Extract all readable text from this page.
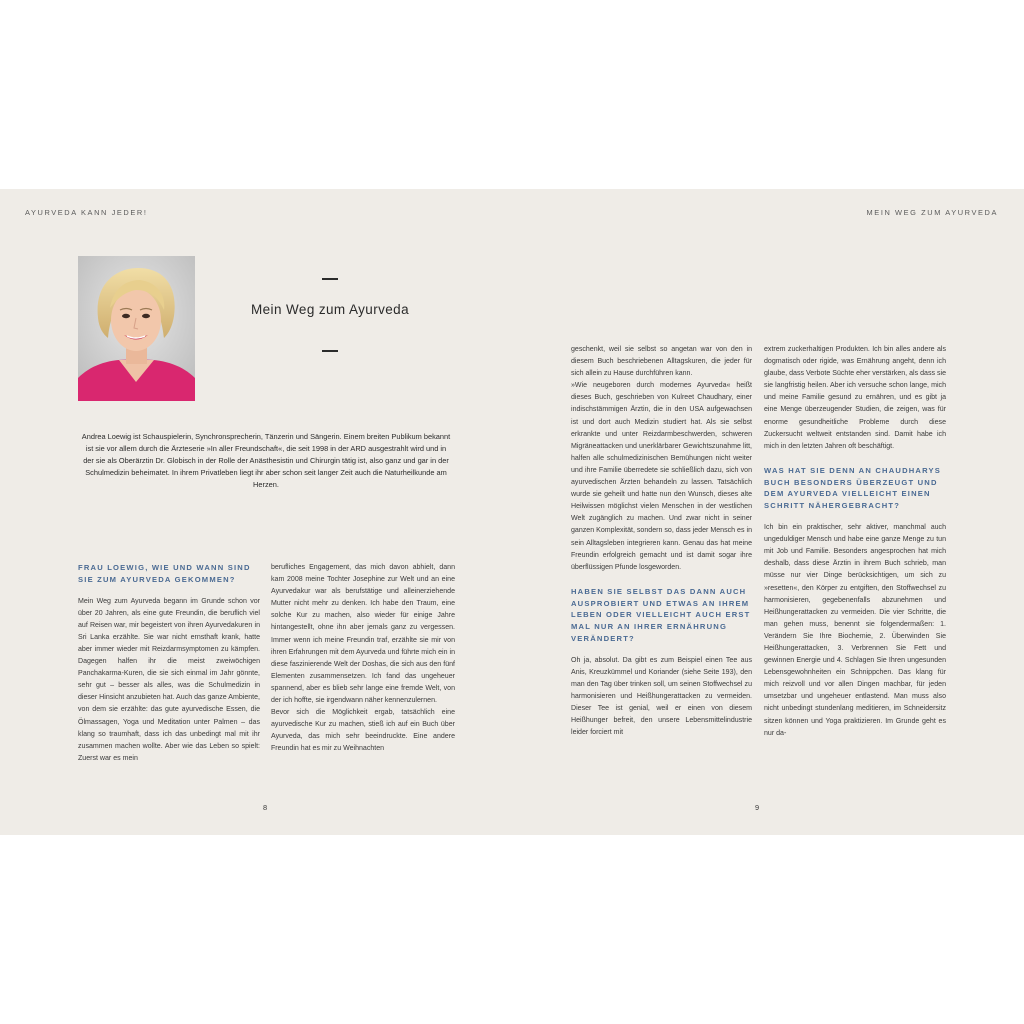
AYURVEDA KANN JEDER!	MEIN WEG ZUM AYURVEDA
Mein Weg zum Ayurveda
Andrea Loewig ist Schauspielerin, Synchronsprecherin, Tänzerin und Sängerin. Einem breiten Publikum bekannt ist sie vor allem durch die Ärzteserie »In aller Freundschaft«, die seit 1998 in der ARD ausgestrahlt wird und in der sie als Oberärztin Dr. Globisch in der Rolle der Anästhesistin und Chirurgin tätig ist, also ganz und gar in der Schulmedizin beheimatet. In ihrem Privatleben liegt ihr aber schon seit langer Zeit auch die Naturheilkunde am Herzen.
FRAU LOEWIG, WIE UND WANN SIND SIE ZUM AYURVEDA GEKOMMEN?

Mein Weg zum Ayurveda begann im Grunde schon vor über 20 Jahren, als eine gute Freundin, die beruflich viel auf Reisen war, mir begeistert von ihren Ayurvedakuren in Sri Lanka erzählte. Sie war nicht ernsthaft krank, hatte aber immer wieder mit Reizdarmsymptomen zu kämpfen. Dagegen halfen ihr die meist zweiwöchigen Panchakarma-Kuren, die sie sich einmal im Jahr gönnte, sehr gut – besser als alles, was die Schulmedizin in dieser Hinsicht anzubieten hat. Auch das ganze Ambiente, von dem sie erzählte: das gute ayurvedische Essen, die Ölmassagen, Yoga und Meditation unter Palmen – das klang so traumhaft, dass ich das unbedingt mal mit ihr zusammen machen wollte. Aber wie das Leben so spielt: Zuerst war es mein

berufliches Engagement, das mich davon abhielt, dann kam 2008 meine Tochter Josephine zur Welt und an eine Ayurvedakur war als berufstätige und alleinerziehende Mutter nicht mehr zu denken. Ich habe den Traum, eine solche Kur zu machen, also wieder für einige Jahre hintangestellt, ohne ihn aber jemals ganz zu vergessen. Immer wenn ich meine Freundin traf, erzählte sie mir von ihren Erfahrungen mit dem Ayurveda und führte mich ein in diese faszinierende Welt der Doshas, die sich aus den fünf Elementen zusammensetzen. Ich fand das ungeheuer spannend, aber es blieb sehr lange eine fremde Welt, von der ich hoffte, sie irgendwann näher kennenzulernen.

Bevor sich die Möglichkeit ergab, tatsächlich eine ayurvedische Kur zu machen, stieß ich auf ein Buch über Ayurveda, das mich sehr beeindruckte. Eine andere Freundin hat es mir zu Weihnachten

geschenkt, weil sie selbst so angetan war von den in diesem Buch beschriebenen Alltagskuren, die jeder für sich allein zu Hause durchführen kann.

»Wie neugeboren durch modernes Ayurveda« heißt dieses Buch, geschrieben von Kulreet Chaudhary, einer indischstämmigen Ärztin, die in den USA aufgewachsen ist und dort auch Medizin studiert hat. Als sie selbst erkrankte und unter Reizdarmbeschwerden, schweren Migräneattacken und unerklärbarer Gewichtszunahme litt, halfen alle schulmedizinischen Bemühungen nicht weiter und ihre Familie überredete sie schließlich dazu, sich von ayurvedischen Ärzten behandeln zu lassen. Tatsächlich wurde sie geheilt und hatte nun den Wunsch, dieses alte Heilwissen möglichst vielen Menschen in der westlichen Welt zugänglich zu machen. Und zwar nicht in seiner ganzen Komplexität, sondern so, dass jeder Mensch es in sein Alltagsleben integrieren kann. Genau das hat meine Freundin erfolgreich gemacht und ist damit sogar ihre überflüssigen Pfunde losgeworden.

HABEN SIE SELBST DAS DANN AUCH AUSPROBIERT UND ETWAS AN IHREM LEBEN ODER VIELLEICHT AUCH ERST MAL NUR AN IHRER ERNÄHRUNG VERÄNDERT?

Oh ja, absolut. Da gibt es zum Beispiel einen Tee aus Anis, Kreuzkümmel und Koriander (siehe Seite 193), den man den Tag über trinken soll, um seinen Stoffwechsel zu harmonisieren und Heißhungerattacken zu vermeiden. Dieser Tee ist genial, weil er einen von diesem Heißhunger befreit, den unsere Lebensmittelindustrie leider forciert mit

extrem zuckerhaltigen Produkten. Ich bin alles andere als dogmatisch oder rigide, was Ernährung angeht, denn ich glaube, dass Verbote Süchte eher verstärken, als dass sie sie langfristig heilen. Aber ich versuche schon lange, mich und meine Familie gesund zu ernähren, und es gibt ja eine Menge überzeugender Studien, die zeigen, was für enorme gesundheitliche Probleme durch diese Zuckersucht weltweit entstanden sind. Damit habe ich mich in den letzten Jahren oft beschäftigt.

WAS HAT SIE DENN AN CHAUDHARYS BUCH BESONDERS ÜBERZEUGT UND DEM AYURVEDA VIELLEICHT EINEN SCHRITT NÄHERGEBRACHT?

Ich bin ein praktischer, sehr aktiver, manchmal auch ungeduldiger Mensch und habe eine ganze Menge zu tun mit Job und Familie. Besonders angesprochen hat mich deshalb, dass diese Ärztin in ihrem Buch schrieb, man müsse nur vier Dinge berücksichtigen, um sich zu »resetten«, den Körper zu entgiften, den Stoffwechsel zu harmonisieren, gegebenenfalls abzunehmen und Heißhungerattacken zu vermeiden. Die vier Schritte, die man gehen muss, benennt sie folgendermaßen: 1. Verändern Sie Ihre Biochemie, 2. Überwinden Sie Heißhungerattacken, 3. Verbrennen Sie Fett und gewinnen Energie und 4. Schlagen Sie Ihren ungesunden Lebensgewohnheiten ein Schnippchen. Das klang für mich reizvoll und vor allen Dingen machbar, für jeden umsetzbar und ungeheuer entlastend. Man muss also nicht unbedingt stundenlang meditieren, im Schneidersitz sitzen können und Yoga praktizieren. Im Grunde geht es nur da-

8	9
